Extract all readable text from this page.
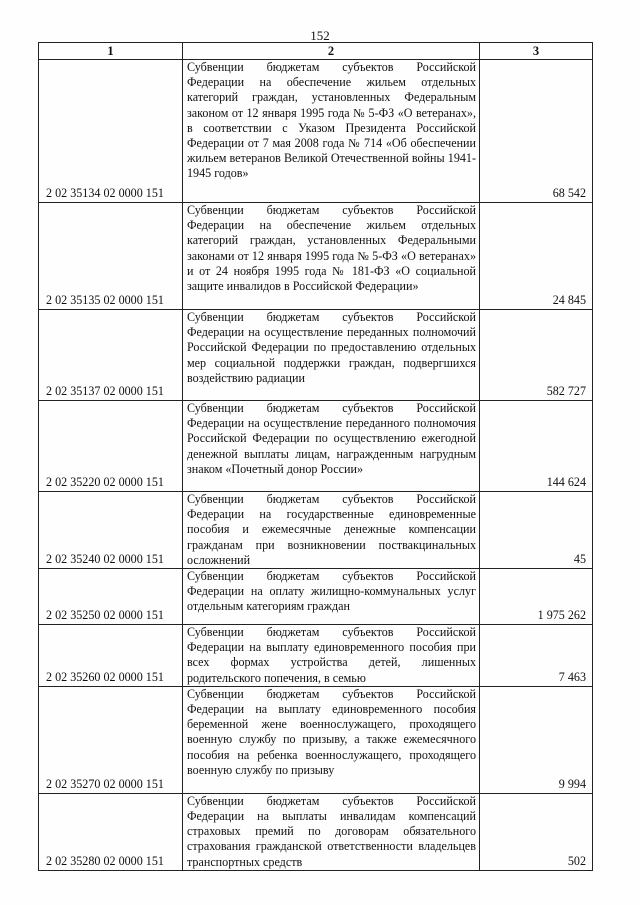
152
1	2	3
2 02 35134 02 0000 151	Субвенции бюджетам субъектов Российской Федерации на обеспечение жильем отдельных категорий граждан, установленных Федеральным законом от 12 января 1995 года № 5-ФЗ «О ветеранах», в соответствии с Указом Президента Российской Федерации от 7 мая 2008 года № 714 «Об обеспечении жильем ветеранов Великой Отечественной войны 1941-1945 годов»	68 542
2 02 35135 02 0000 151	Субвенции бюджетам субъектов Российской Федерации на обеспечение жильем отдельных категорий граждан, установленных Федеральными законами от 12 января 1995 года № 5-ФЗ «О ветеранах» и от 24 ноября 1995 года № 181-ФЗ «О социальной защите инвалидов в Российской Федерации»	24 845
2 02 35137 02 0000 151	Субвенции бюджетам субъектов Российской Федерации на осуществление переданных полномочий Российской Федерации по предоставлению отдельных мер социальной поддержки граждан, подвергшихся воздействию радиации	582 727
2 02 35220 02 0000 151	Субвенции бюджетам субъектов Российской Федерации на осуществление переданного полномочия Российской Федерации по осуществлению ежегодной денежной выплаты лицам, награжденным нагрудным знаком «Почетный донор России»	144 624
2 02 35240 02 0000 151	Субвенции бюджетам субъектов Российской Федерации на государственные единовременные пособия и ежемесячные денежные компенсации гражданам при возникновении поствакцинальных осложнений	45
2 02 35250 02 0000 151	Субвенции бюджетам субъектов Российской Федерации на оплату жилищно-коммунальных услуг отдельным категориям граждан	1 975 262
2 02 35260 02 0000 151	Субвенции бюджетам субъектов Российской Федерации на выплату единовременного пособия при всех формах устройства детей, лишенных родительского попечения, в семью	7 463
2 02 35270 02 0000 151	Субвенции бюджетам субъектов Российской Федерации на выплату единовременного пособия беременной жене военнослужащего, проходящего военную службу по призыву, а также ежемесячного пособия на ребенка военнослужащего, проходящего военную службу по призыву	9 994
2 02 35280 02 0000 151	Субвенции бюджетам субъектов Российской Федерации на выплаты инвалидам компенсаций страховых премий по договорам обязательного страхования гражданской ответственности владельцев транспортных средств	502
